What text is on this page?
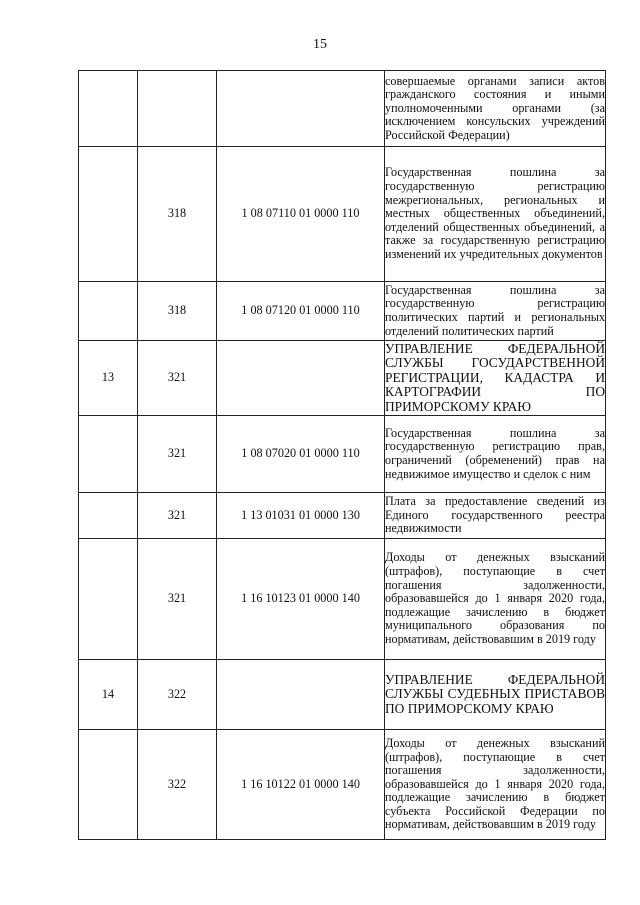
15
			совершаемые органами записи актов гражданского состояния и иными уполномоченными органами (за исключением консульских учреждений Российской Федерации)
	318	1 08 07110 01 0000 110	Государственная пошлина за государственную регистрацию межрегиональных, региональных и местных общественных объединений, отделений общественных объединений, а также за государственную регистрацию изменений их учредительных документов
	318	1 08 07120 01 0000 110	Государственная пошлина за государственную регистрацию политических партий и региональных отделений политических партий
13	321		УПРАВЛЕНИЕ ФЕДЕРАЛЬНОЙ СЛУЖБЫ ГОСУДАРСТВЕННОЙ РЕГИСТРАЦИИ, КАДАСТРА И КАРТОГРАФИИ ПО ПРИМОРСКОМУ КРАЮ
	321	1 08 07020 01 0000 110	Государственная пошлина за государственную регистрацию прав, ограничений (обременений) прав на недвижимое имущество и сделок с ним
	321	1 13 01031 01 0000 130	Плата за предоставление сведений из Единого государственного реестра недвижимости
	321	1 16 10123 01 0000 140	Доходы от денежных взысканий (штрафов), поступающие в счет погашения задолженности, образовавшейся до 1 января 2020 года, подлежащие зачислению в бюджет муниципального образования по нормативам, действовавшим в 2019 году
14	322		УПРАВЛЕНИЕ ФЕДЕРАЛЬНОЙ СЛУЖБЫ СУДЕБНЫХ ПРИСТАВОВ ПО ПРИМОРСКОМУ КРАЮ
	322	1 16 10122 01 0000 140	Доходы от денежных взысканий (штрафов), поступающие в счет погашения задолженности, образовавшейся до 1 января 2020 года, подлежащие зачислению в бюджет субъекта Российской Федерации по нормативам, действовавшим в 2019 году
